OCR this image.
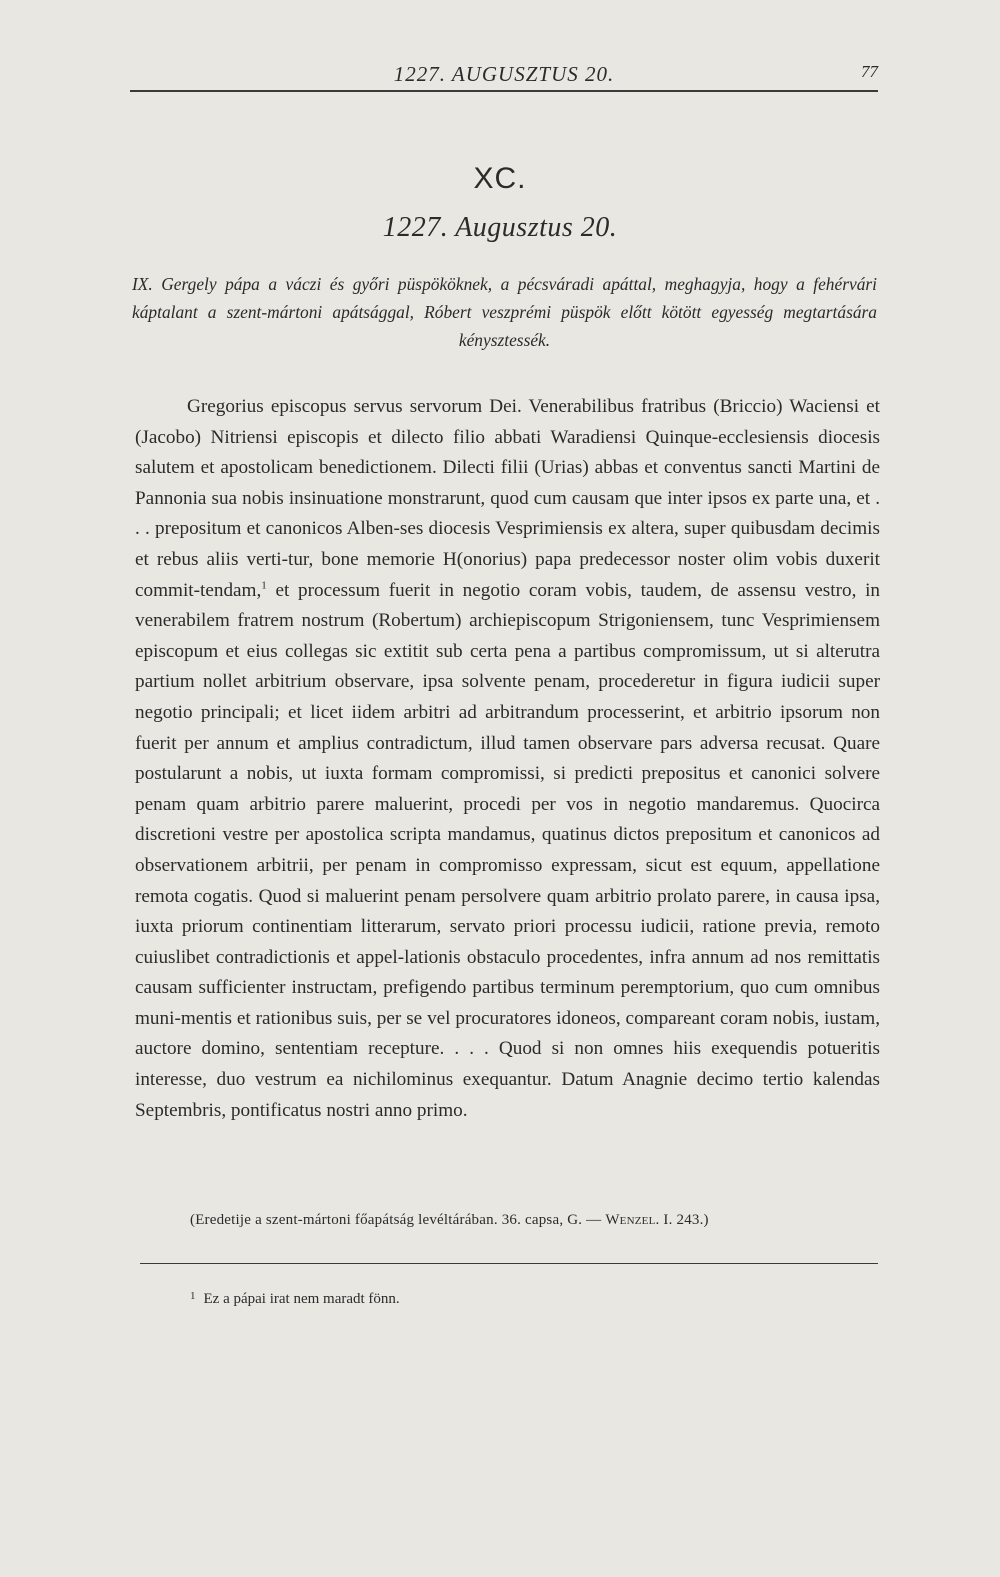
1227. AUGUSZTUS 20.	77
XC.
1227. Augusztus 20.
IX. Gergely pápa a váczi és győri püspököknek, a pécsváradi apáttal, meghagyja, hogy a fehérvári káptalant a szent-mártoni apátsággal, Róbert veszprémi püspök előtt kötött egyesség megtartására kénysztessék.
Gregorius episcopus servus servorum Dei. Venerabilibus fratribus (Briccio) Waciensi et (Jacobo) Nitriensi episcopis et dilecto filio abbati Waradiensi Quinque-ecclesiensis diocesis salutem et apostolicam benedictionem. Dilecti filii (Urias) abbas et conventus sancti Martini de Pannonia sua nobis insinuatione monstrarunt, quod cum causam que inter ipsos ex parte una, et . . . prepositum et canonicos Alben-ses diocesis Vesprimiensis ex altera, super quibusdam decimis et rebus aliis verti-tur, bone memorie H(onorius) papa predecessor noster olim vobis duxerit commit-tendam,$^1$ et processum fuerit in negotio coram vobis, taudem, de assensu vestro, in venerabilem fratrem nostrum (Robertum) archiepiscopum Strigoniensem, tunc Vesprimiensem episcopum et eius collegas sic extitit sub certa pena a partibus compromissum, ut si alterutra partium nollet arbitrium observare, ipsa solvente penam, procederetur in figura iudicii super negotio principali; et licet iidem arbitri ad arbitrandum processerint, et arbitrio ipsorum non fuerit per annum et amplius contradictum, illud tamen observare pars adversa recusat. Quare postularunt a nobis, ut iuxta formam compromissi, si predicti prepositus et canonici solvere penam quam arbitrio parere maluerint, procedi per vos in negotio mandaremus. Quocirca discretioni vestre per apostolica scripta mandamus, quatinus dictos prepositum et canonicos ad observationem arbitrii, per penam in compromisso expressam, sicut est equum, appellatione remota cogatis. Quod si maluerint penam persolvere quam arbitrio prolato parere, in causa ipsa, iuxta priorum continentiam litterarum, servato priori processu iudicii, ratione previa, remoto cuiuslibet contradictionis et appel-lationis obstaculo procedentes, infra annum ad nos remittatis causam sufficienter instructam, prefigendo partibus terminum peremptorium, quo cum omnibus muni-mentis et rationibus suis, per se vel procuratores idoneos, compareant coram nobis, iustam, auctore domino, sententiam recepture. . . . Quod si non omnes hiis exequendis potueritis interesse, duo vestrum ea nichilominus exequantur. Datum Anagnie decimo tertio kalendas Septembris, pontificatus nostri anno primo.
(Eredetije a szent-mártoni főapátság levéltárában. 36. capsa, G. — Wenzel. I. 243.)
$^1$ Ez a pápai irat nem maradt fönn.
